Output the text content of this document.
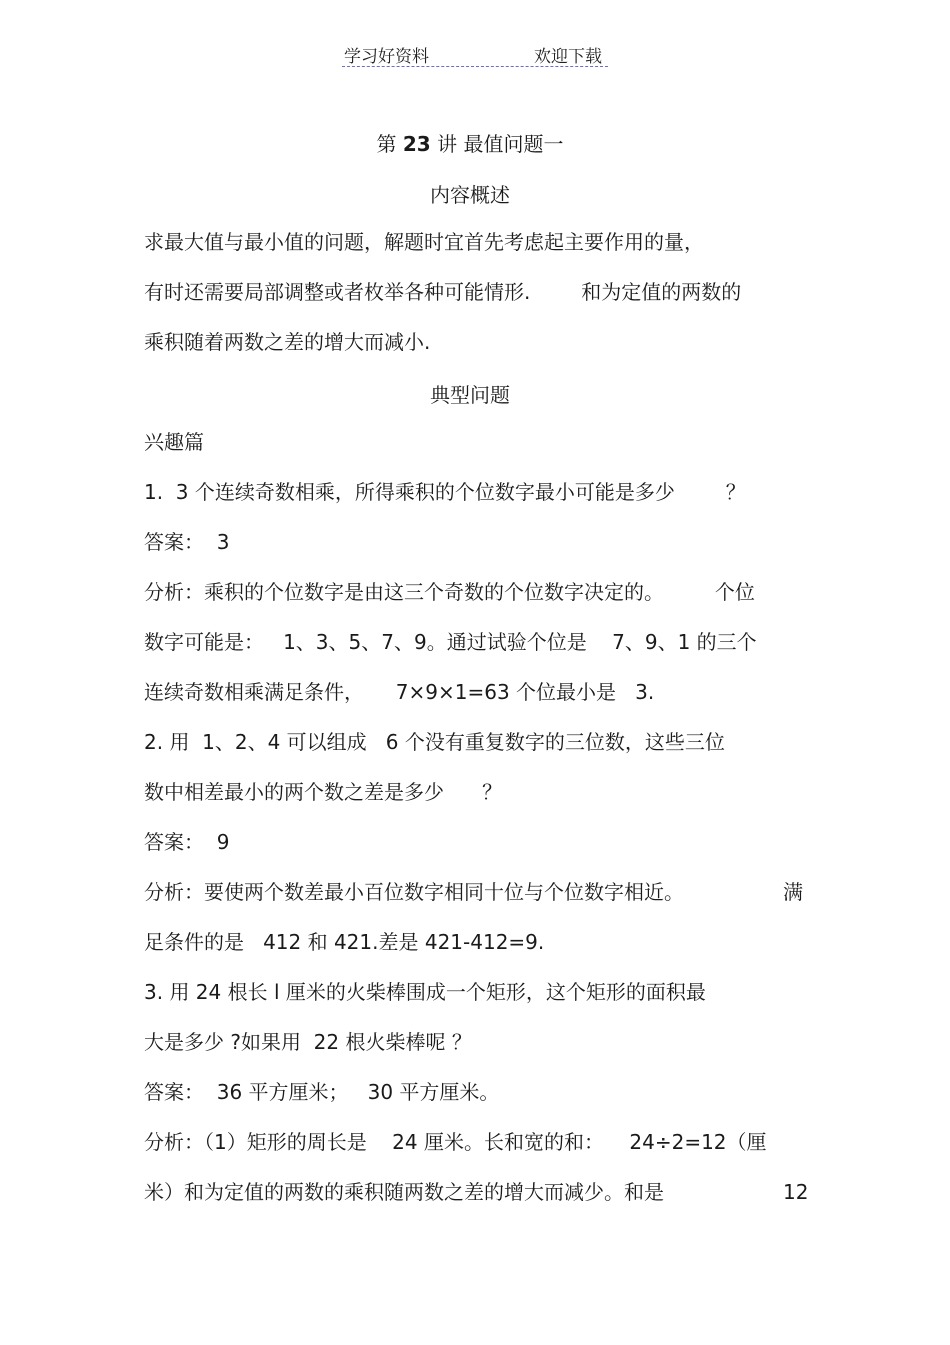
学习好资料	欢迎下载
第 23 讲 最值问题一
内容概述
求最大值与最小值的问题，解题时宜首先考虑起主要作用的量，
有时还需要局部调整或者枚举各种可能情形.        和为定值的两数的
乘积随着两数之差的增大而减小.
典型问题
兴趣篇
1.  3 个连续奇数相乘，所得乘积的个位数字最小可能是多少        ？
答案：  3
分析：乘积的个位数字是由这三个奇数的个位数字决定的。        个位
数字可能是：   1、3、5、7、9。通过试验个位是    7、9、1 的三个
连续奇数相乘满足条件，     7×9×1=63 个位最小是   3.
2. 用  1、2、4 可以组成   6 个没有重复数字的三位数，这些三位
数中相差最小的两个数之差是多少      ？
答案：  9
分析：要使两个数差最小百位数字相同十位与个位数字相近。	满
足条件的是   412 和 421.差是 421-412=9.
3. 用 24 根长 l 厘米的火柴棒围成一个矩形，这个矩形的面积最
大是多少 ?如果用  22 根火柴棒呢 ？
答案：  36 平方厘米；   30 平方厘米。
分析：（1）矩形的周长是    24 厘米。长和宽的和：    24÷2=12（厘
米）和为定值的两数的乘积随两数之差的增大而减少。和是	12
